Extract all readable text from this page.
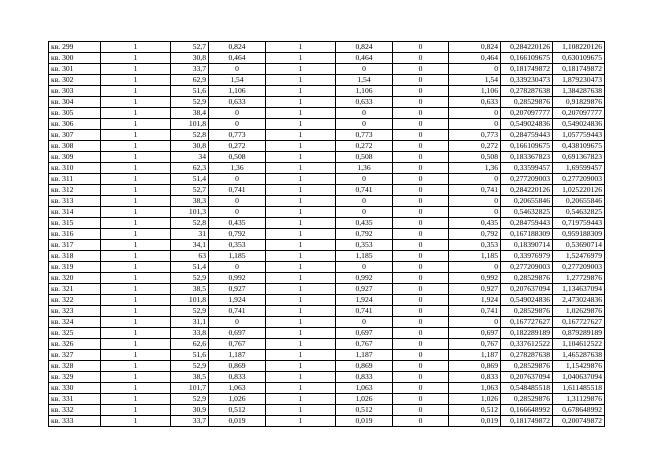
кв. 299	1	52,7	0,824	1	0,824	0	0,824	0,284220126	1,108220126
кв. 300	1	30,8	0,464	1	0,464	0	0,464	0,166109675	0,630109675
кв. 301	1	33,7	0	1	0	0	0	0,181749872	0,181749872
кв. 302	1	62,9	1,54	1	1,54	0	1,54	0,339230473	1,879230473
кв. 303	1	51,6	1,106	1	1,106	0	1,106	0,278287638	1,384287638
кв. 304	1	52,9	0,633	1	0,633	0	0,633	0,28529876	0,91829876
кв. 305	1	38,4	0	1	0	0	0	0,207097777	0,207097777
кв. 306	1	101,8	0	1	0	0	0	0,549024836	0,549024836
кв. 307	1	52,8	0,773	1	0,773	0	0,773	0,284759443	1,057759443
кв. 308	1	30,8	0,272	1	0,272	0	0,272	0,166109675	0,438109675
кв. 309	1	34	0,508	1	0,508	0	0,508	0,183367823	0,691367823
кв. 310	1	62,3	1,36	1	1,36	0	1,36	0,33599457	1,69599457
кв. 311	1	51,4	0	1	0	0	0	0,277209003	0,277209003
кв. 312	1	52,7	0,741	1	0,741	0	0,741	0,284220126	1,025220126
кв. 313	1	38,3	0	1	0	0	0	0,20655846	0,20655846
кв. 314	1	101,3	0	1	0	0	0	0,54632825	0,54632825
кв. 315	1	52,8	0,435	1	0,435	0	0,435	0,284759443	0,719759443
кв. 316	1	31	0,792	1	0,792	0	0,792	0,167188309	0,959188309
кв. 317	1	34,1	0,353	1	0,353	0	0,353	0,18390714	0,53690714
кв. 318	1	63	1,185	1	1,185	0	1,185	0,33976979	1,52476979
кв. 319	1	51,4	0	1	0	0	0	0,277209003	0,277209003
кв. 320	1	52,9	0,992	1	0,992	0	0,992	0,28529876	1,27729876
кв. 321	1	38,5	0,927	1	0,927	0	0,927	0,207637094	1,134637094
кв. 322	1	101,8	1,924	1	1,924	0	1,924	0,549024836	2,473024836
кв. 323	1	52,9	0,741	1	0,741	0	0,741	0,28529876	1,02629876
кв. 324	1	31,1	0	1	0	0	0	0,167727627	0,167727627
кв. 325	1	33,8	0,697	1	0,697	0	0,697	0,182289189	0,879289189
кв. 326	1	62,6	0,767	1	0,767	0	0,767	0,337612522	1,104612522
кв. 327	1	51,6	1,187	1	1,187	0	1,187	0,278287638	1,465287638
кв. 328	1	52,9	0,869	1	0,869	0	0,869	0,28529876	1,15429876
кв. 329	1	38,5	0,833	1	0,833	0	0,833	0,207637094	1,040637094
кв. 330	1	101,7	1,063	1	1,063	0	1,063	0,548485518	1,611485518
кв. 331	1	52,9	1,026	1	1,026	0	1,026	0,28529876	1,31129876
кв. 332	1	30,9	0,512	1	0,512	0	0,512	0,166648992	0,678648992
кв. 333	1	33,7	0,019	1	0,019	0	0,019	0,181749872	0,200749872
